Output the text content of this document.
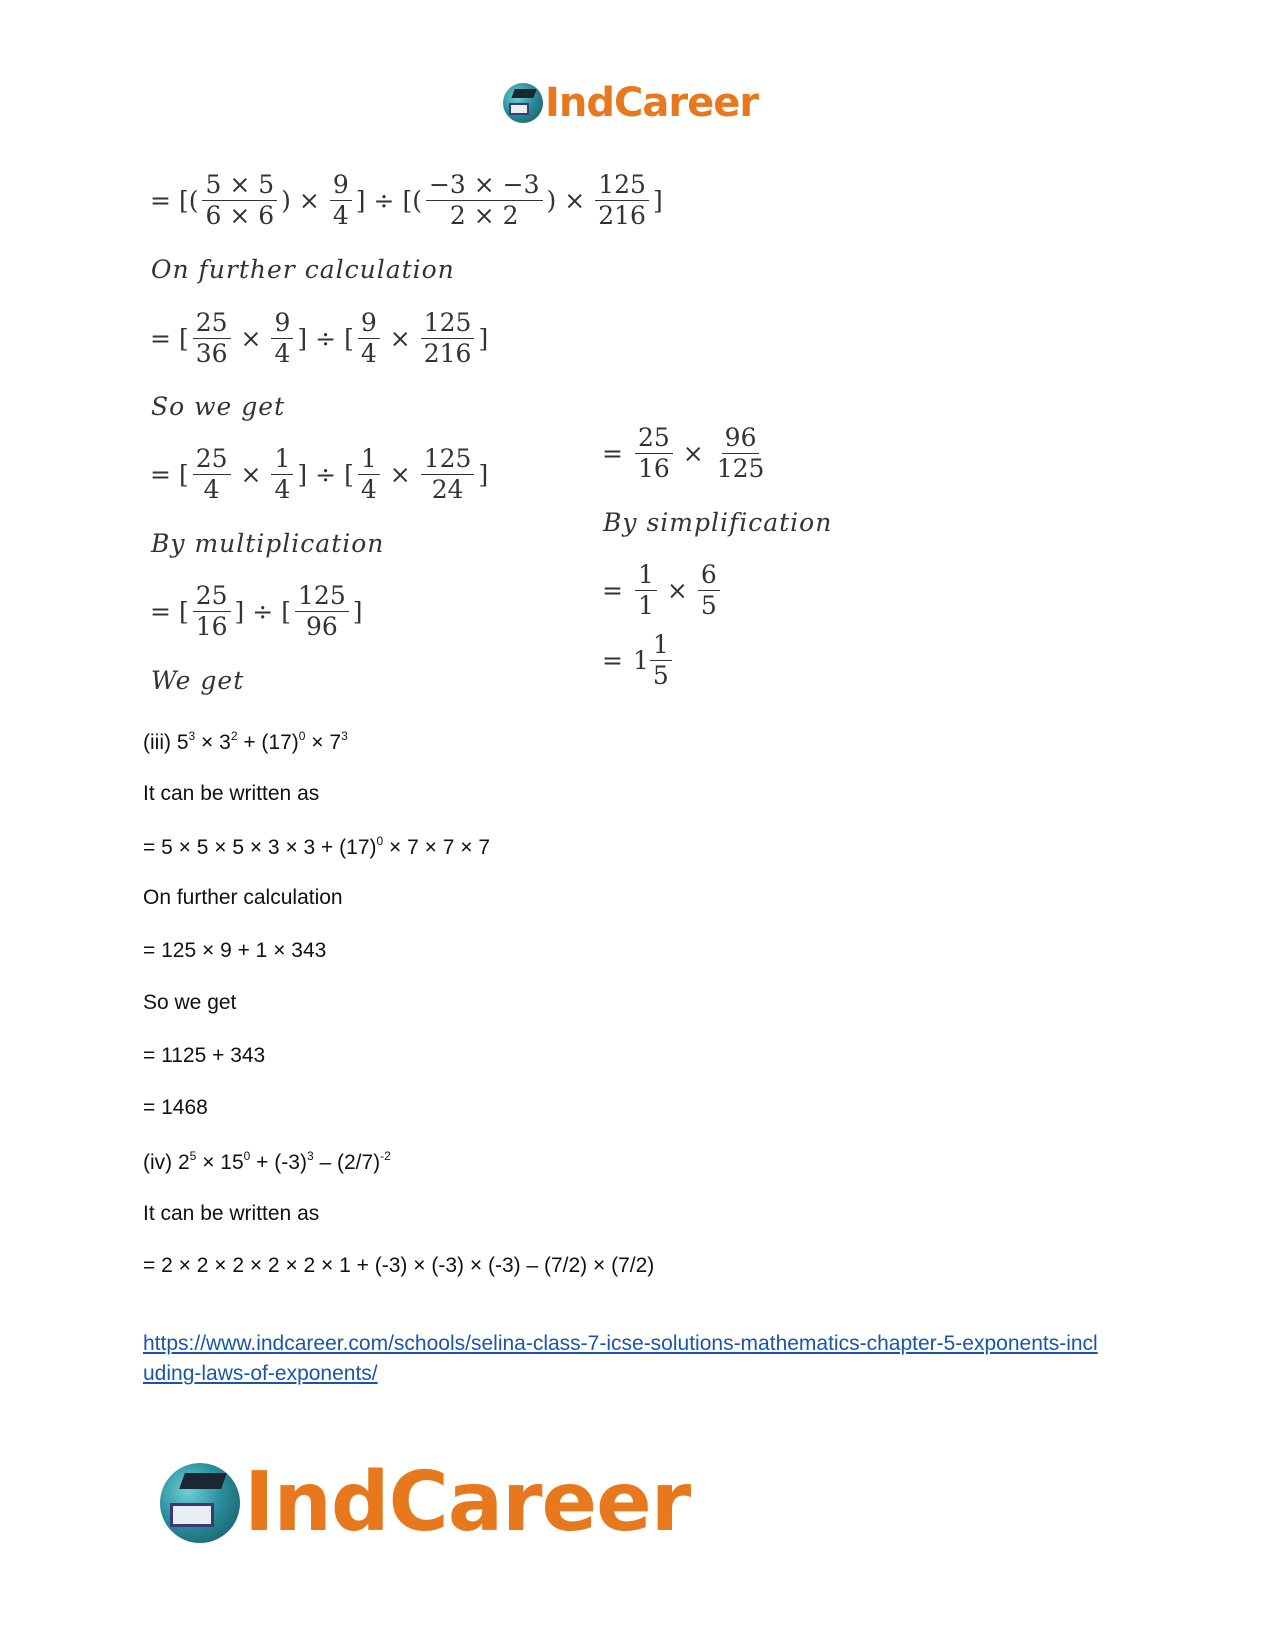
IndCareer
= [( $\frac{5 \times 5}{6 \times 6}$ ) × $\frac{9}{4}$ ] ÷ [( $\frac{-3 \times -3}{2 \times 2}$ ) × $\frac{125}{216}$ ]
On further calculation
= [ $\frac{25}{36} \times \frac{9}{4}$ ] ÷ [ $\frac{9}{4} \times \frac{125}{216}$ ]
So we get
= [ $\frac{25}{4} \times \frac{1}{4}$ ] ÷ [ $\frac{1}{4} \times \frac{125}{24}$ ]
By multiplication
= [ $\frac{25}{16}$ ] ÷ [ $\frac{125}{96}$ ]
We get
= $\frac{25}{16} \times \frac{96}{125}$
By simplification
= $\frac{1}{1} \times \frac{6}{5}$
= $1 \frac{1}{5}$
(iii) $5^3 \times 3^2 + (17)^0 \times 7^3$
It can be written as
= $5 \times 5 \times 5 \times 3 \times 3 + (17)^0 \times 7 \times 7 \times 7$
On further calculation
= 125 × 9 + 1 × 343
So we get
= 1125 + 343
= 1468
(iv) $2^5 \times 15^0 + (-3)^3 - (2/7)^{-2}$
It can be written as
= 2 × 2 × 2 × 2 × 2 × 1 + (-3) × (-3) × (-3) – (7/2) × (7/2)
https://www.indcareer.com/schools/selina-class-7-icse-solutions-mathematics-chapter-5-exponents-including-laws-of-exponents/
IndCareer
